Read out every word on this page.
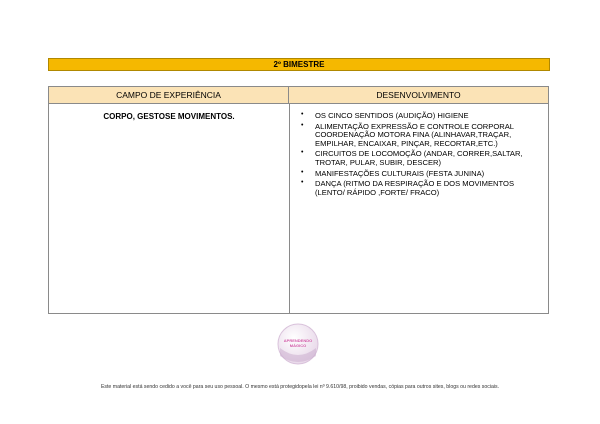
2º BIMESTRE
CAMPO DE EXPERIÊNCIA	DESENVOLVIMENTO
CORPO, GESTOSE MOVIMENTOS.	• OS CINCO SENTIDOS (AUDIÇÃO) HIGIENE
• ALIMENTAÇÃO EXPRESSÃO E CONTROLE CORPORAL COORDENAÇÃO MOTORA FINA (ALINHAVAR,TRAÇAR, EMPILHAR, ENCAIXAR, PINÇAR, RECORTAR,ETC.)
• CIRCUITOS DE LOCOMOÇÃO (ANDAR, CORRER,SALTAR, TROTAR, PULAR, SUBIR, DESCER)
• MANIFESTAÇÕES CULTURAIS (FESTA JUNINA)
• DANÇA (RITMO DA RESPIRAÇÃO E DOS MOVIMENTOS (LENTO/ RÁPIDO ,FORTE/ FRACO)
APRENDENDO
MÁGICO
Este material está sendo cedido a você para seu uso pessoal. O mesmo está protegidopela lei nº 9.610/98, proibido vendas, cópias para outros sites, blogs ou redes sociais.
